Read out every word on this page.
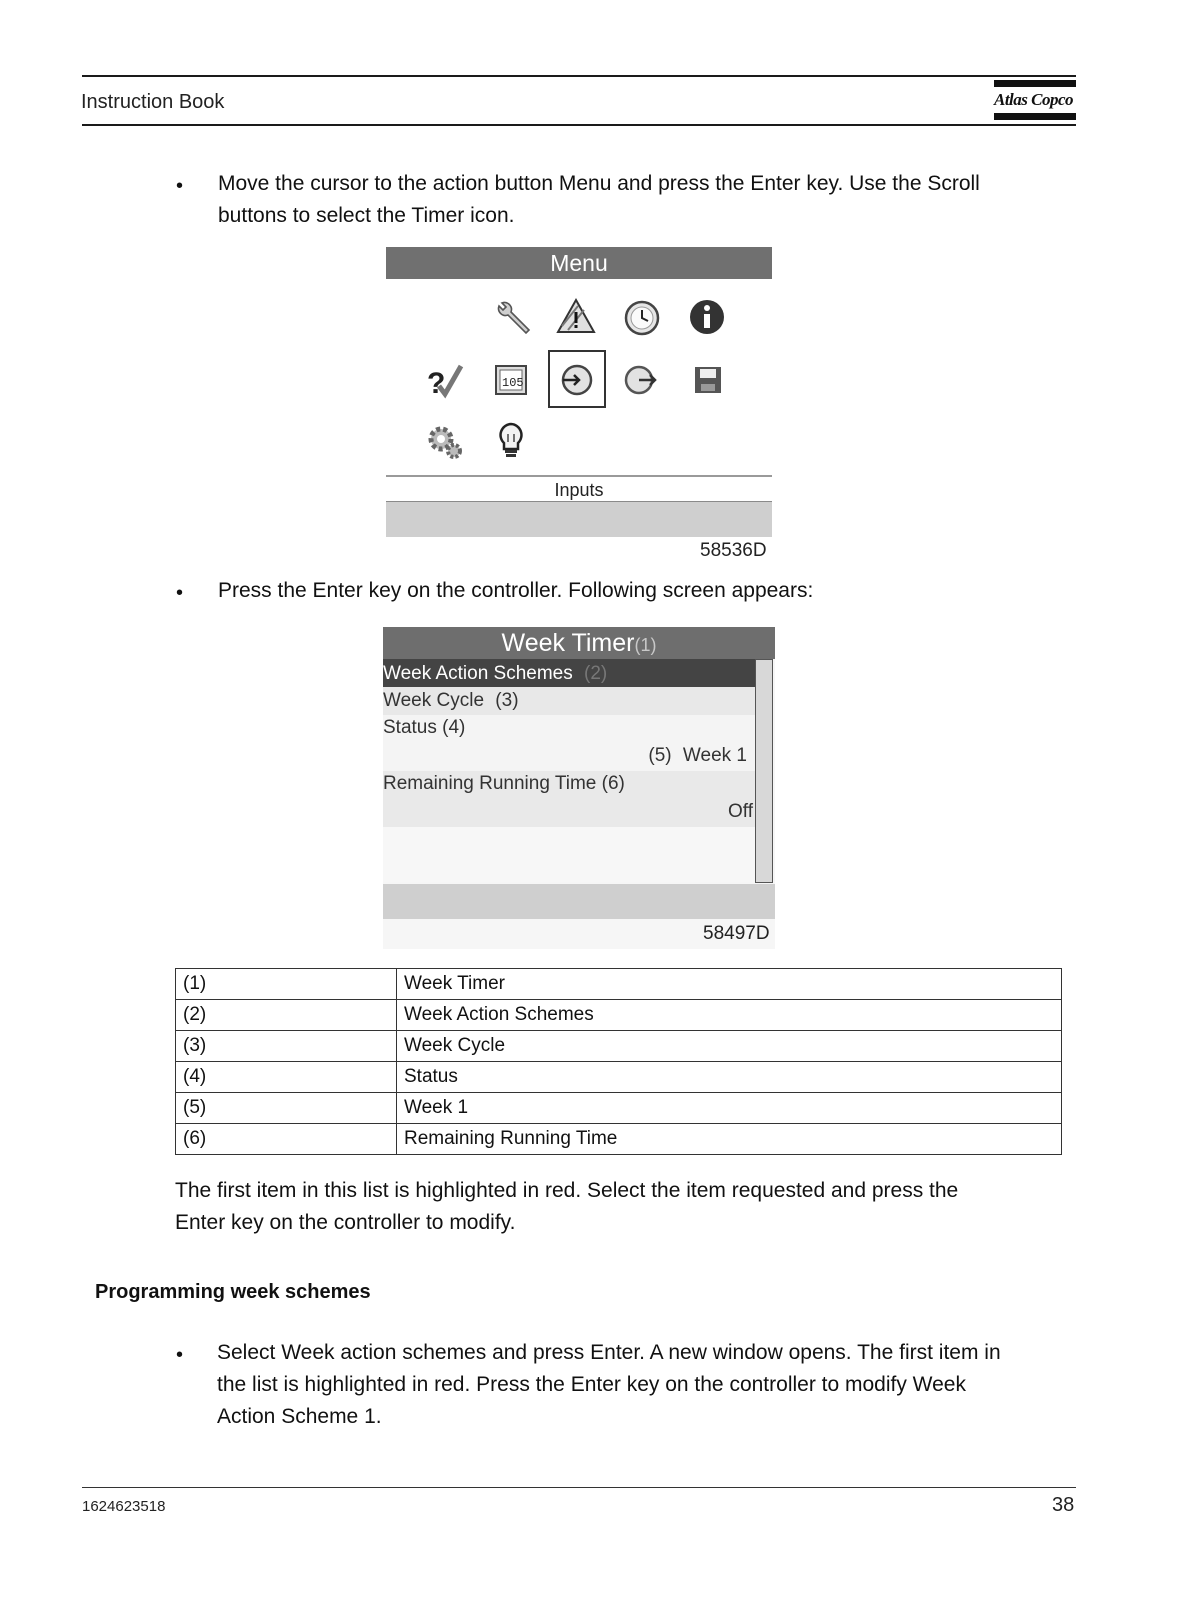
Instruction Book	Atlas Copco
• Move the cursor to the action button Menu and press the Enter key. Use the Scroll
buttons to select the Timer icon.
Menu
?	105
Inputs
58536D
• Press the Enter key on the controller. Following screen appears:
Week Timer(1)
Week Action Schemes (2)
Week Cycle (3)
Status (4)
(5) Week 1
Remaining Running Time (6)
Off
58497D
(1)	Week Timer
(2)	Week Action Schemes
(3)	Week Cycle
(4)	Status
(5)	Week 1
(6)	Remaining Running Time
The first item in this list is highlighted in red. Select the item requested and press the
Enter key on the controller to modify.
Programming week schemes
• Select Week action schemes and press Enter. A new window opens. The first item in
the list is highlighted in red. Press the Enter key on the controller to modify Week
Action Scheme 1.
1624623518	38
